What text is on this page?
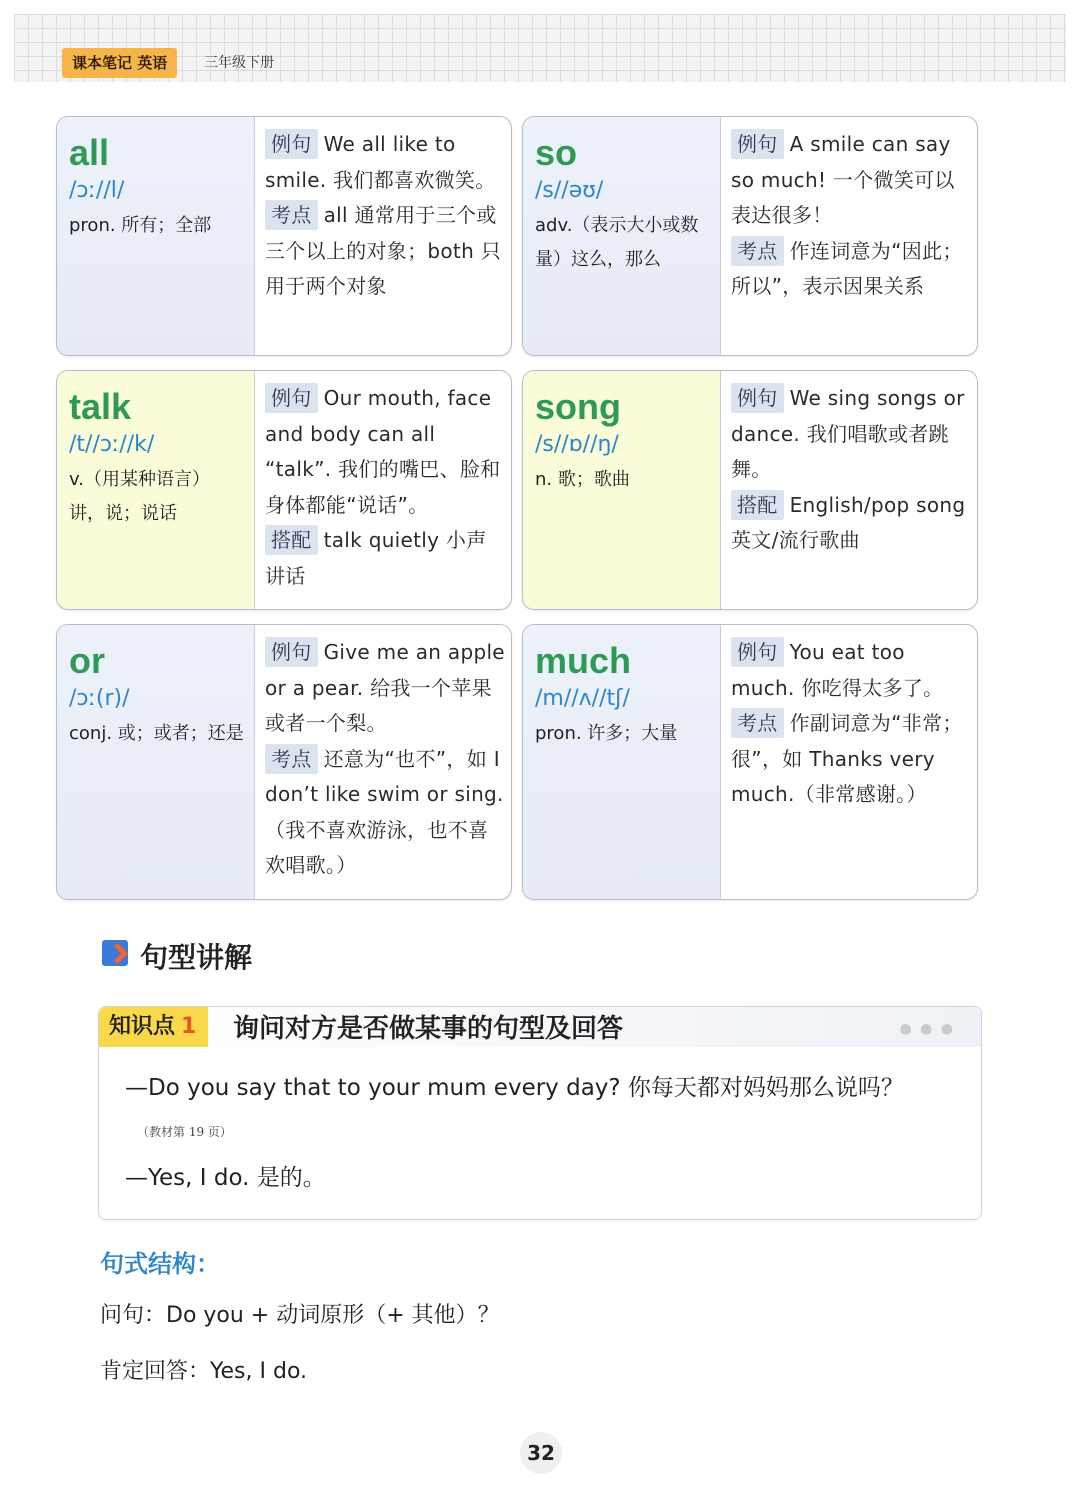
课本笔记 英语	三年级下册
all
/ɔː//l/
pron. 所有；全部
例句 We all like to smile. 我们都喜欢微笑。
考点 all 通常用于三个或三个以上的对象；both 只用于两个对象
so
/s//əʊ/
adv.（表示大小或数量）这么，那么
例句 A smile can say so much! 一个微笑可以表达很多！
考点 作连词意为“因此；所以”，表示因果关系
talk
/t//ɔː//k/
v.（用某种语言）讲，说；说话
例句 Our mouth, face and body can all “talk”. 我们的嘴巴、脸和身体都能“说话”。
搭配 talk quietly 小声讲话
song
/s//ɒ//ŋ/
n. 歌；歌曲
例句 We sing songs or dance. 我们唱歌或者跳舞。
搭配 English/pop song 英文/流行歌曲
or
/ɔː(r)/
conj. 或；或者；还是
例句 Give me an apple or a pear. 给我一个苹果或者一个梨。
考点 还意为“也不”，如 I don’t like swim or sing.（我不喜欢游泳，也不喜欢唱歌。）
much
/m//ʌ//tʃ/
pron. 许多；大量
例句 You eat too much. 你吃得太多了。
考点 作副词意为“非常；很”，如 Thanks very much.（非常感谢。）
句型讲解
知识点 1	询问对方是否做某事的句型及回答	● ● ●
—Do you say that to your mum every day? 你每天都对妈妈那么说吗？
（教材第 19 页）
—Yes, I do. 是的。
句式结构：
问句：Do you + 动词原形（+ 其他）？
肯定回答：Yes, I do.
32
